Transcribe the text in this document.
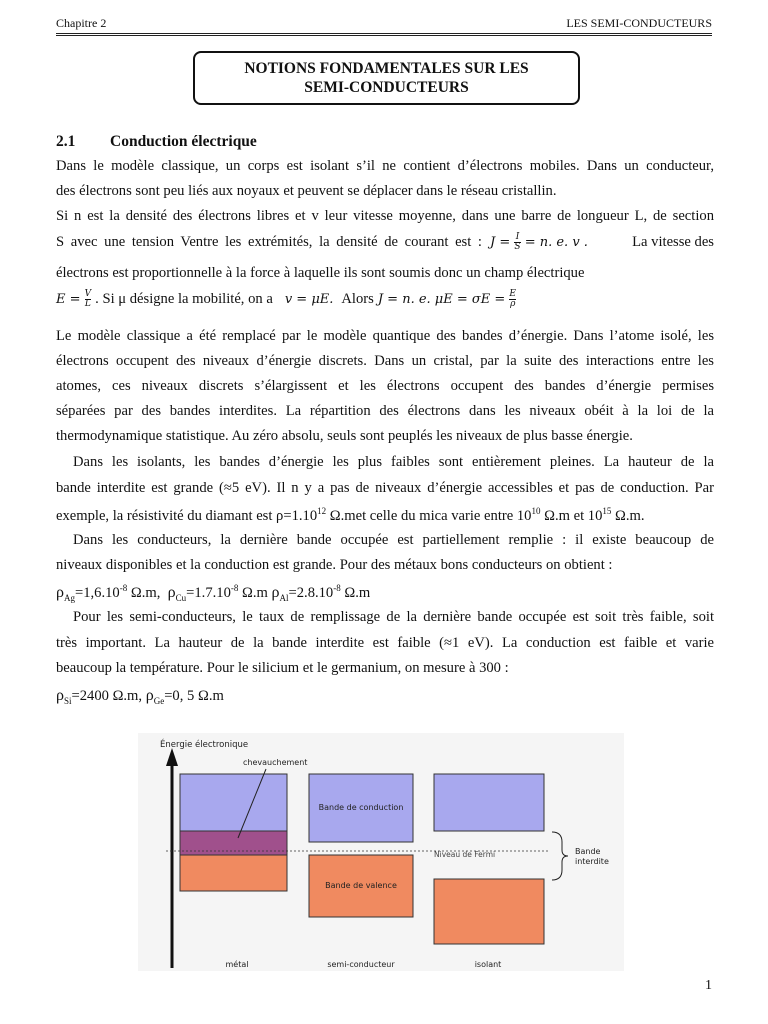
Chapitre 2	LES SEMI-CONDUCTEURS
NOTIONS FONDAMENTALES SUR LES
SEMI-CONDUCTEURS
2.1 Conduction électrique
Dans le modèle classique, un corps est isolant s’il ne contient d’électrons mobiles. Dans un conducteur,
des électrons sont peu liés aux noyaux et peuvent se déplacer dans le réseau cristallin.
Si n est la densité des électrons libres et v leur vitesse moyenne, dans une barre de longueur L, de section
S avec une tension Ventre les extrémités, la densité de courant est : $J = \frac{I}{S} = n$. e. v .	La vitesse des
électrons est proportionnelle à la force à laquelle ils sont soumis donc un champ électrique
$E = \frac{V}{L}$ . Si μ désigne la mobilité, on a v = μE. Alors J = n. e. $\mu E = \sigma E = \frac{E}{\rho}$
Le modèle classique a été remplacé par le modèle quantique des bandes d’énergie. Dans l’atome isolé, les
électrons occupent des niveaux d’énergie discrets. Dans un cristal, par la suite des interactions entre les
atomes, ces niveaux discrets s’élargissent et les électrons occupent des bandes d’énergie permises
séparées par des bandes interdites. La répartition des électrons dans les niveaux obéit à la loi de la
thermodynamique statistique. Au zéro absolu, seuls sont peuplés les niveaux de plus basse énergie.
Dans les isolants, les bandes d’énergie les plus faibles sont entièrement pleines. La hauteur de la
bande interdite est grande (≈5 eV). Il n y a pas de niveaux d’énergie accessibles et pas de conduction. Par
exemple, la résistivité du diamant est $\rho=1.10^{12}$ Ω.met celle du mica varie entre $10^{10}$ Ω.m et $10^{15}$ Ω.m.
Dans les conducteurs, la dernière bande occupée est partiellement remplie : il existe beaucoup de
niveaux disponibles et la conduction est grande. Pour des métaux bons conducteurs on obtient :
$\rho_{Ag}=1,6.10^{-8}$ Ω.m,  $\rho_{Cu}=1.7.10^{-8}$ Ω.m $\rho_{Al}=2.8.10^{-8}$ Ω.m
Pour les semi-conducteurs, le taux de remplissage de la dernière bande occupée est soit très faible, soit
très important. La hauteur de la bande interdite est faible (≈1 eV). La conduction est faible et varie
beaucoup la température. Pour le silicium et le germanium, on mesure à 300 :
$\rho_{Si}=2400$ Ω.m, $\rho_{Ge}=0$, 5 Ω.m
Énergie électronique
chevauchement
Bande de conduction
Bande de valence
Niveau de Fermi	Bande
interdite
métal	semi-conducteur	isolant
1
